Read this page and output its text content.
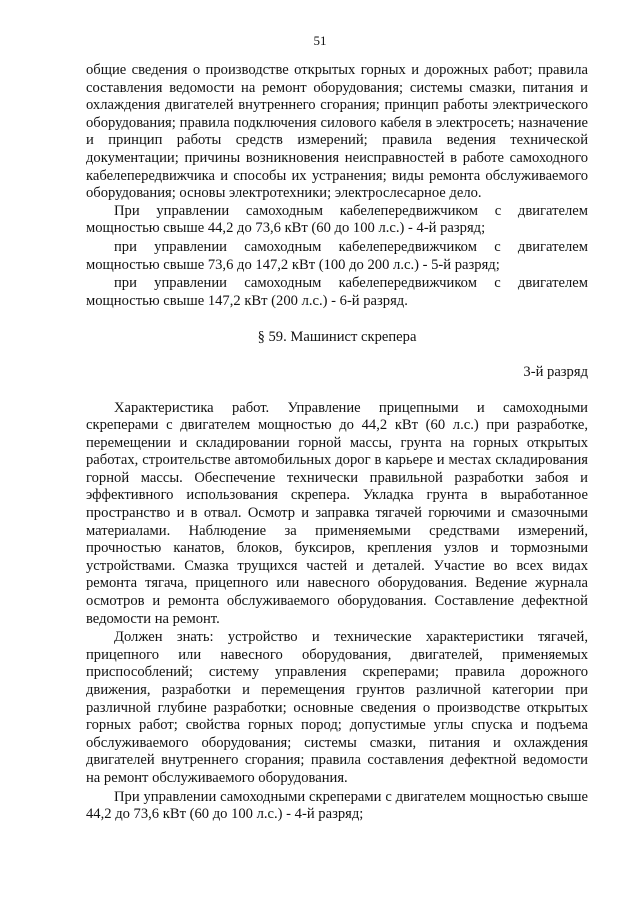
51

общие сведения о производстве открытых горных и дорожных работ; правила составления ведомости на ремонт оборудования; системы смазки, питания и охлаждения двигателей внутреннего сгорания; принцип работы электрического оборудования; правила подключения силового кабеля в электросеть; назначение и принцип работы средств измерений; правила ведения технической документации; причины возникновения неисправностей в работе самоходного кабелепередвижчика и способы их устранения; виды ремонта обслуживаемого оборудования; основы электротехники; электрослесарное дело.

При управлении самоходным кабелепередвижчиком с двигателем мощностью свыше 44,2 до 73,6 кВт (60 до 100 л.с.) - 4-й разряд;

при управлении самоходным кабелепередвижчиком с двигателем мощностью свыше 73,6 до 147,2 кВт (100 до 200 л.с.) - 5-й разряд;

при управлении самоходным кабелепередвижчиком с двигателем мощностью свыше 147,2 кВт (200 л.с.) - 6-й разряд.

§ 59. Машинист скрепера

3-й разряд

Характеристика работ. Управление прицепными и самоходными скреперами с двигателем мощностью до 44,2 кВт (60 л.с.) при разработке, перемещении и складировании горной массы, грунта на горных открытых работах, строительстве автомобильных дорог в карьере и местах складирования горной массы. Обеспечение технически правильной разработки забоя и эффективного использования скрепера. Укладка грунта в выработанное пространство и в отвал. Осмотр и заправка тягачей горючими и смазочными материалами. Наблюдение за применяемыми средствами измерений, прочностью канатов, блоков, буксиров, крепления узлов и тормозными устройствами. Смазка трущихся частей и деталей. Участие во всех видах ремонта тягача, прицепного или навесного оборудования. Ведение журнала осмотров и ремонта обслуживаемого оборудования. Составление дефектной ведомости на ремонт.

Должен знать: устройство и технические характеристики тягачей, прицепного или навесного оборудования, двигателей, применяемых приспособлений; систему управления скреперами; правила дорожного движения, разработки и перемещения грунтов различной категории при различной глубине разработки; основные сведения о производстве открытых горных работ; свойства горных пород; допустимые углы спуска и подъема обслуживаемого оборудования; системы смазки, питания и охлаждения двигателей внутреннего сгорания; правила составления дефектной ведомости на ремонт обслуживаемого оборудования.

При управлении самоходными скреперами с двигателем мощностью свыше 44,2 до 73,6 кВт (60 до 100 л.с.) - 4-й разряд;
